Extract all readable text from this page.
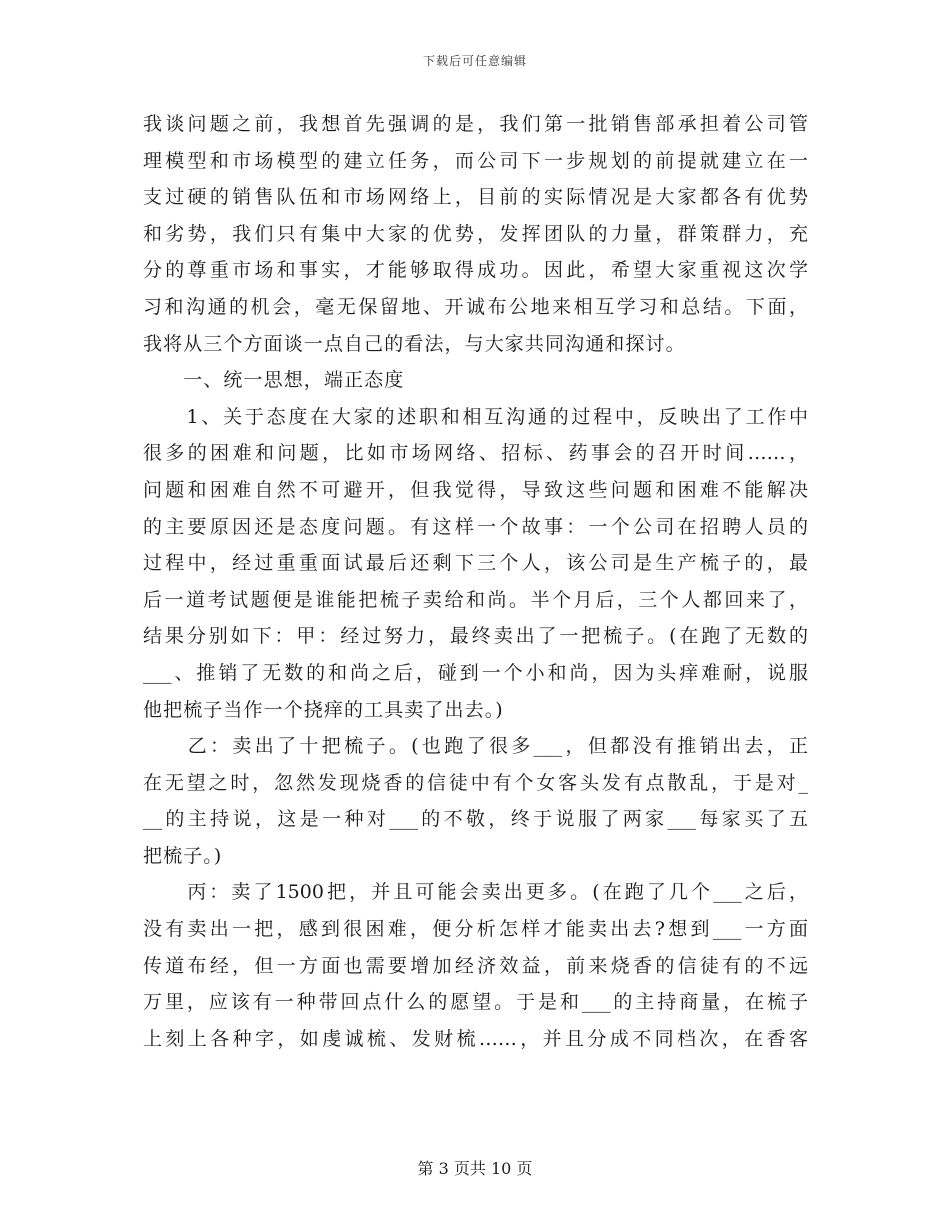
下载后可任意编辑
我谈问题之前，我想首先强调的是，我们第一批销售部承担着公司管
理模型和市场模型的建立任务，而公司下一步规划的前提就建立在一
支过硬的销售队伍和市场网络上，目前的实际情况是大家都各有优势
和劣势，我们只有集中大家的优势，发挥团队的力量，群策群力，充
分的尊重市场和事实，才能够取得成功。因此，希望大家重视这次学
习和沟通的机会，毫无保留地、开诚布公地来相互学习和总结。下面，
我将从三个方面谈一点自己的看法，与大家共同沟通和探讨。
　　一、统一思想，端正态度
　　1、关于态度在大家的述职和相互沟通的过程中，反映出了工作中
很多的困难和问题，比如市场网络、招标、药事会的召开时间……，
问题和困难自然不可避开，但我觉得，导致这些问题和困难不能解决
的主要原因还是态度问题。有这样一个故事：一个公司在招聘人员的
过程中，经过重重面试最后还剩下三个人，该公司是生产梳子的，最
后一道考试题便是谁能把梳子卖给和尚。半个月后，三个人都回来了，
结果分别如下：甲：经过努力，最终卖出了一把梳子。(在跑了无数的
___、推销了无数的和尚之后，碰到一个小和尚，因为头痒难耐，说服
他把梳子当作一个挠痒的工具卖了出去。)
　　乙：卖出了十把梳子。(也跑了很多___，但都没有推销出去，正
在无望之时，忽然发现烧香的信徒中有个女客头发有点散乱，于是对_
__的主持说，这是一种对___的不敬，终于说服了两家___每家买了五
把梳子。)
　　丙：卖了1500把，并且可能会卖出更多。(在跑了几个___之后，
没有卖出一把，感到很困难，便分析怎样才能卖出去?想到___一方面
传道布经，但一方面也需要增加经济效益，前来烧香的信徒有的不远
万里，应该有一种带回点什么的愿望。于是和___的主持商量，在梳子
上刻上各种字，如虔诚梳、发财梳……，并且分成不同档次，在香客
第 3 页共 10 页
